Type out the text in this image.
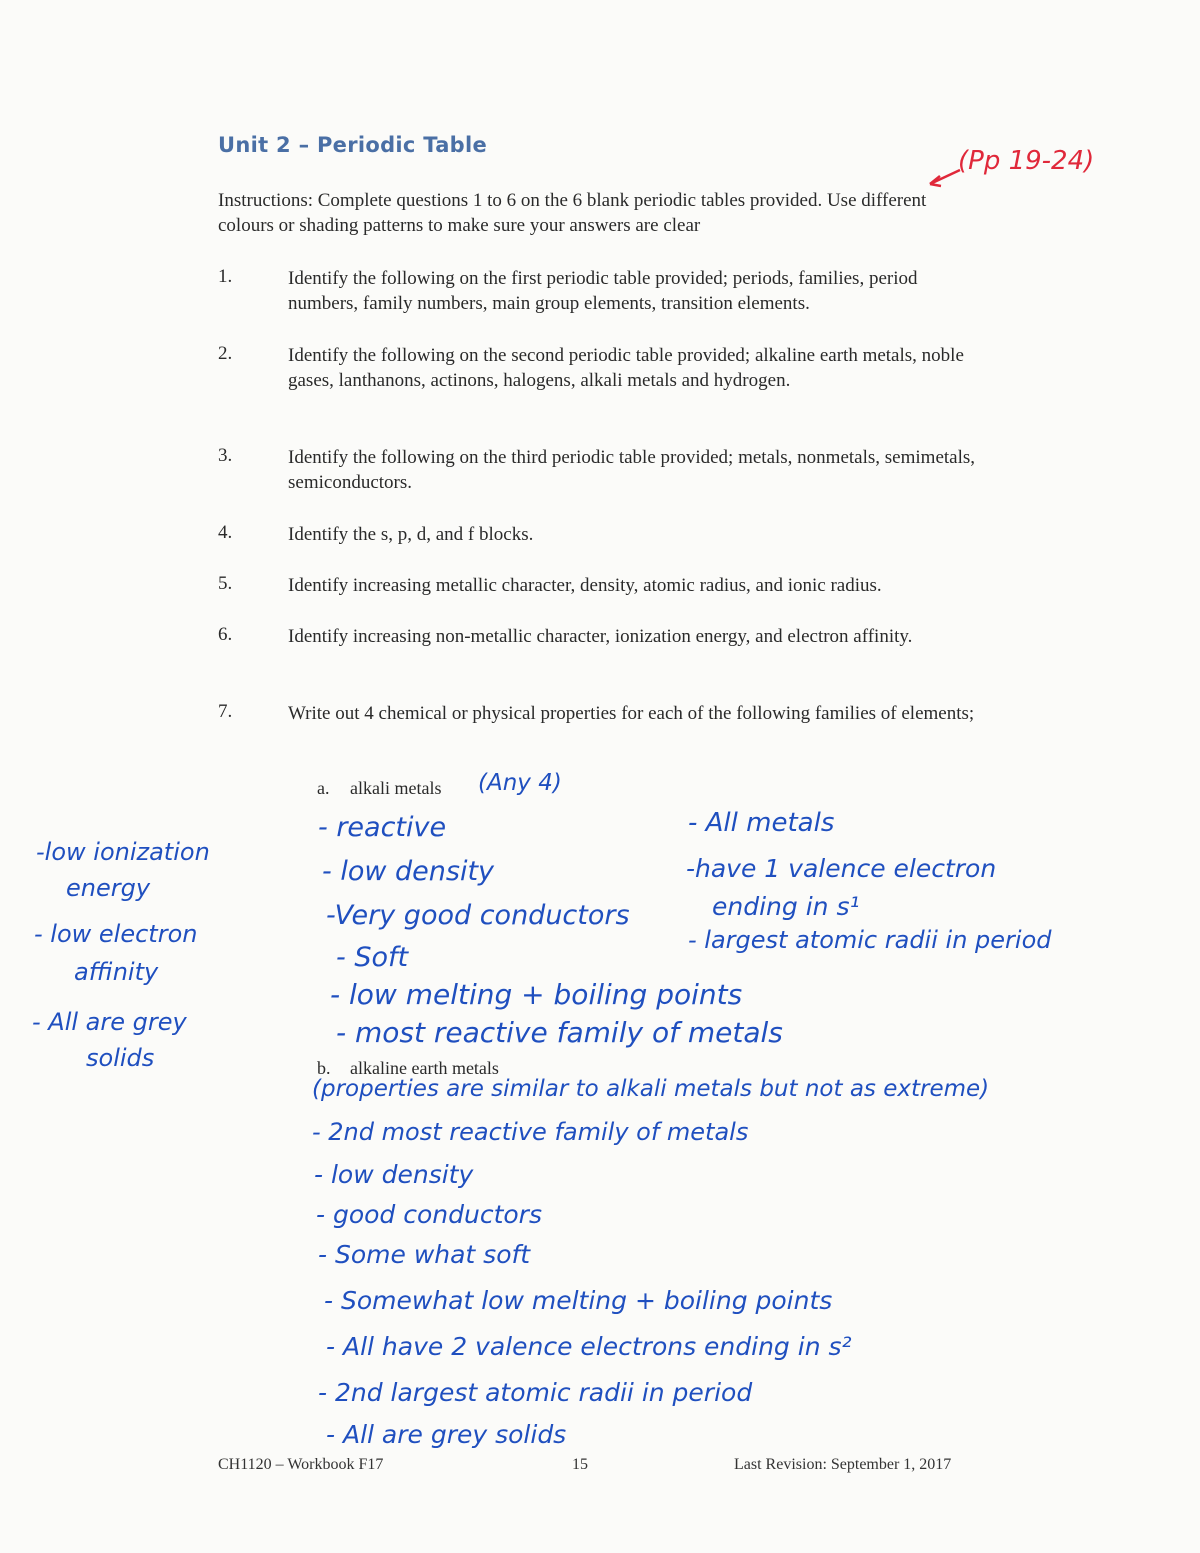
Unit 2 – Periodic Table
(Pp 19-24)
Instructions: Complete questions 1 to 6 on the 6 blank periodic tables provided. Use different colours or shading patterns to make sure your answers are clear
1.	Identify the following on the first periodic table provided; periods, families, period numbers, family numbers, main group elements, transition elements.
2.	Identify the following on the second periodic table provided; alkaline earth metals, noble gases, lanthanons, actinons, halogens, alkali metals and hydrogen.
3.	Identify the following on the third periodic table provided; metals, nonmetals, semimetals, semiconductors.
4.	Identify the s, p, d, and f blocks.
5.	Identify increasing metallic character, density, atomic radius, and ionic radius.
6.	Identify increasing non-metallic character, ionization energy, and electron affinity.
7.	Write out 4 chemical or physical properties for each of the following families of elements;
a. alkali metals (Any 4)
- reactive
- low density
-Very good conductors
- Soft
- low melting + boiling points
- most reactive family of metals
- All metals
-have 1 valence electron
ending in s¹
- largest atomic radii in period
-low ionization
energy
- low electron
affinity
- All are grey
solids	b. alkaline earth metals
(properties are similar to alkali metals but not as extreme)
- 2nd most reactive family of metals
- low density
- good conductors
- Some what soft
- Somewhat low melting + boiling points
- All have 2 valence electrons ending in s²
- 2nd largest atomic radii in period
- All are grey solids
CH1120 – Workbook F17	15	Last Revision: September 1, 2017
